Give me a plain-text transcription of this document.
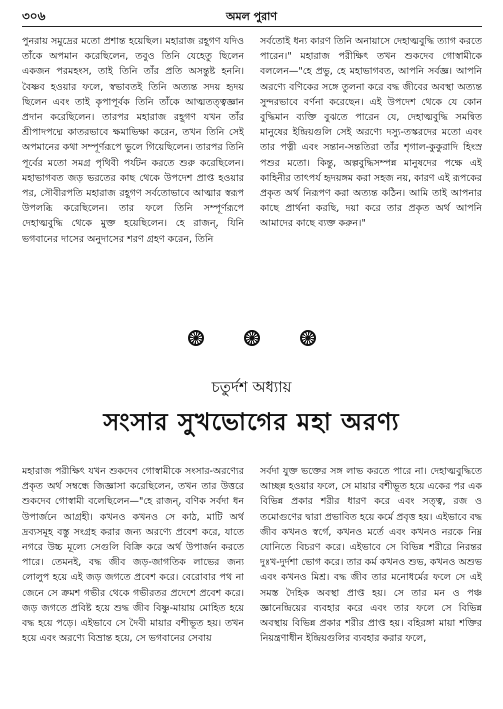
৩০৬	অমল পুরাণ

পুনরায় সমুদ্রের মতো প্রশান্ত হয়েছিল। মহারাজ রহূগণ যদিও তাঁকে অপমান করেছিলেন, তবুও তিনি যেহেতু ছিলেন একজন পরমহংস, তাই তিনি তাঁর প্রতি অসন্তুষ্ট হননি। বৈষ্ণব হওয়ার ফলে, স্বভাবতই তিনি অত্যন্ত সদয় হৃদয় ছিলেন এবং তাই কৃপাপূর্বক তিনি তাঁকে আত্মতত্ত্বজ্ঞান প্রদান করেছিলেন। তারপর মহারাজ রহূগণ যখন তাঁর শ্রীপাদপদ্মে কাতরভাবে ক্ষমাভিক্ষা করেন, তখন তিনি সেই অপমানের কথা সম্পূর্ণরূপে ভুলে গিয়েছিলেন। তারপর তিনি পূর্বের মতো সমগ্র পৃথিবী পর্যটন করতে শুরু করেছিলেন। মহাভাগবত জড় ভরতের কাছ থেকে উপদেশ প্রাপ্ত হওয়ার পর, সৌবীরপতি মহারাজ রহূগণ সর্বতোভাবে আত্মার স্বরূপ উপলব্ধি করেছিলেন। তার ফলে তিনি সম্পূর্ণরূপে দেহাত্মবুদ্ধি থেকে মুক্ত হয়েছিলেন। হে রাজন্‌, যিনি ভগবানের দাসের অনুদাসের শরণ গ্রহণ করেন, তিনি

সর্বতোই ধন্য কারণ তিনি অনায়াসে দেহাত্মবুদ্ধি ত্যাগ করতে পারেন।" মহারাজ পরীক্ষিৎ তখন শুকদেব গোস্বামীকে বললেন—"হে প্রভু, হে মহাভাগবত, আপনি সর্বজ্ঞ। আপনি অরণ্যে বণিকের সঙ্গে তুলনা করে বদ্ধ জীবের অবস্থা অত্যন্ত সুন্দরভাবে বর্ণনা করেছেন। এই উপদেশ থেকে যে কোন বুদ্ধিমান ব্যক্তি বুঝতে পারেন যে, দেহাত্মবুদ্ধি সমন্বিত মানুষের ইন্দ্রিয়গুলি সেই অরণ্যে দস্যু-তস্করদের মতো এবং তার পত্নী এবং সন্তান-সন্ততিরা তাঁর শৃগাল-কুকুরাদি হিংস্র পশুর মতো। কিন্তু, অল্পবুদ্ধিসম্পন্ন মানুষদের পক্ষে এই কাহিনীর তাৎপর্য হৃদয়ঙ্গম করা সহজ নয়, কারণ এই রূপকের প্রকৃত অর্থ নিরূপণ করা অত্যন্ত কঠিন। আমি তাই আপনার কাছে প্রার্থনা করছি, দয়া করে তার প্রকৃত অর্থ আপনি আমাদের কাছে ব্যক্ত করুন।"

চতুর্দশ অধ্যায়
সংসার সুখভোগের মহা অরণ্য

মহারাজ পরীক্ষিৎ যখন শুকদেব গোস্বামীকে সংসার-অরণ্যের প্রকৃত অর্থ সম্বন্ধে জিজ্ঞাসা করেছিলেন, তখন তার উত্তরে শুকদেব গোস্বামী বলেছিলেন—"হে রাজন্‌, বণিক সর্বদা ধন উপার্জনে আগ্রহী। কখনও কখনও সে কাঠ, মাটি অর্থ দ্রব্যসমূহ বস্তু সংগ্রহ করার জন্য অরণ্যে প্রবেশ করে, যাতে নগরে উচ্চ মূল্যে সেগুলি বিক্রি করে অর্থ উপার্জন করতে পারে। তেমনই, বদ্ধ জীব জড়-জাগতিক লাভের জন্য লোলুপ হয়ে এই জড় জগতে প্রবেশ করে। বেরোবার পথ না জেনে সে ক্রমশ গভীর থেকে গভীরতর প্রদেশে প্রবেশ করে। জড় জগতে প্রবিষ্ট হয়ে শুদ্ধ জীব বিষ্ণু-মায়ায় মোহিত হয়ে বদ্ধ হয়ে পড়ে। এইভাবে সে দৈবী মায়ার বশীভূত হয়। তখন হয়ে এবং অরণ্যে বিভ্রান্ত হয়ে, সে ভগবানের সেবায়

সর্বদা যুক্ত ভক্তের সঙ্গ লাভ করতে পারে না। দেহাত্মবুদ্ধিতে আচ্ছন্ন হওয়ার ফলে, সে মায়ার বশীভূত হয়ে একের পর এক বিভিন্ন প্রকার শরীর ধারণ করে এবং সত্ত্ব, রজ ও তমোগুণের দ্বারা প্রভাবিত হয়ে কর্মে প্রবৃত্ত হয়। এইভাবে বদ্ধ জীব কখনও স্বর্গে, কখনও মর্তে এবং কখনও নরকে নিম্ন যোনিতে বিচরণ করে। এইভাবে সে বিভিন্ন শরীরে নিরন্তর দুঃখ-দুর্দশা ভোগ করে। তার কর্ম কখনও শুভ, কখনও অশুভ এবং কখনও মিশ্র। বদ্ধ জীব তার মনোধর্মের ফলে সে এই সমস্ত দৈহিক অবস্থা প্রাপ্ত হয়। সে তার মন ও পঞ্চ জ্ঞানেন্দ্রিয়ের ব্যবহার করে এবং তার ফলে সে বিভিন্ন অবস্থায় বিভিন্ন প্রকার শরীর প্রাপ্ত হয়। বহিরঙ্গা মায়া শক্তির নিয়ন্ত্রণাধীন ইন্দ্রিয়গুলির ব্যবহার করার ফলে,
